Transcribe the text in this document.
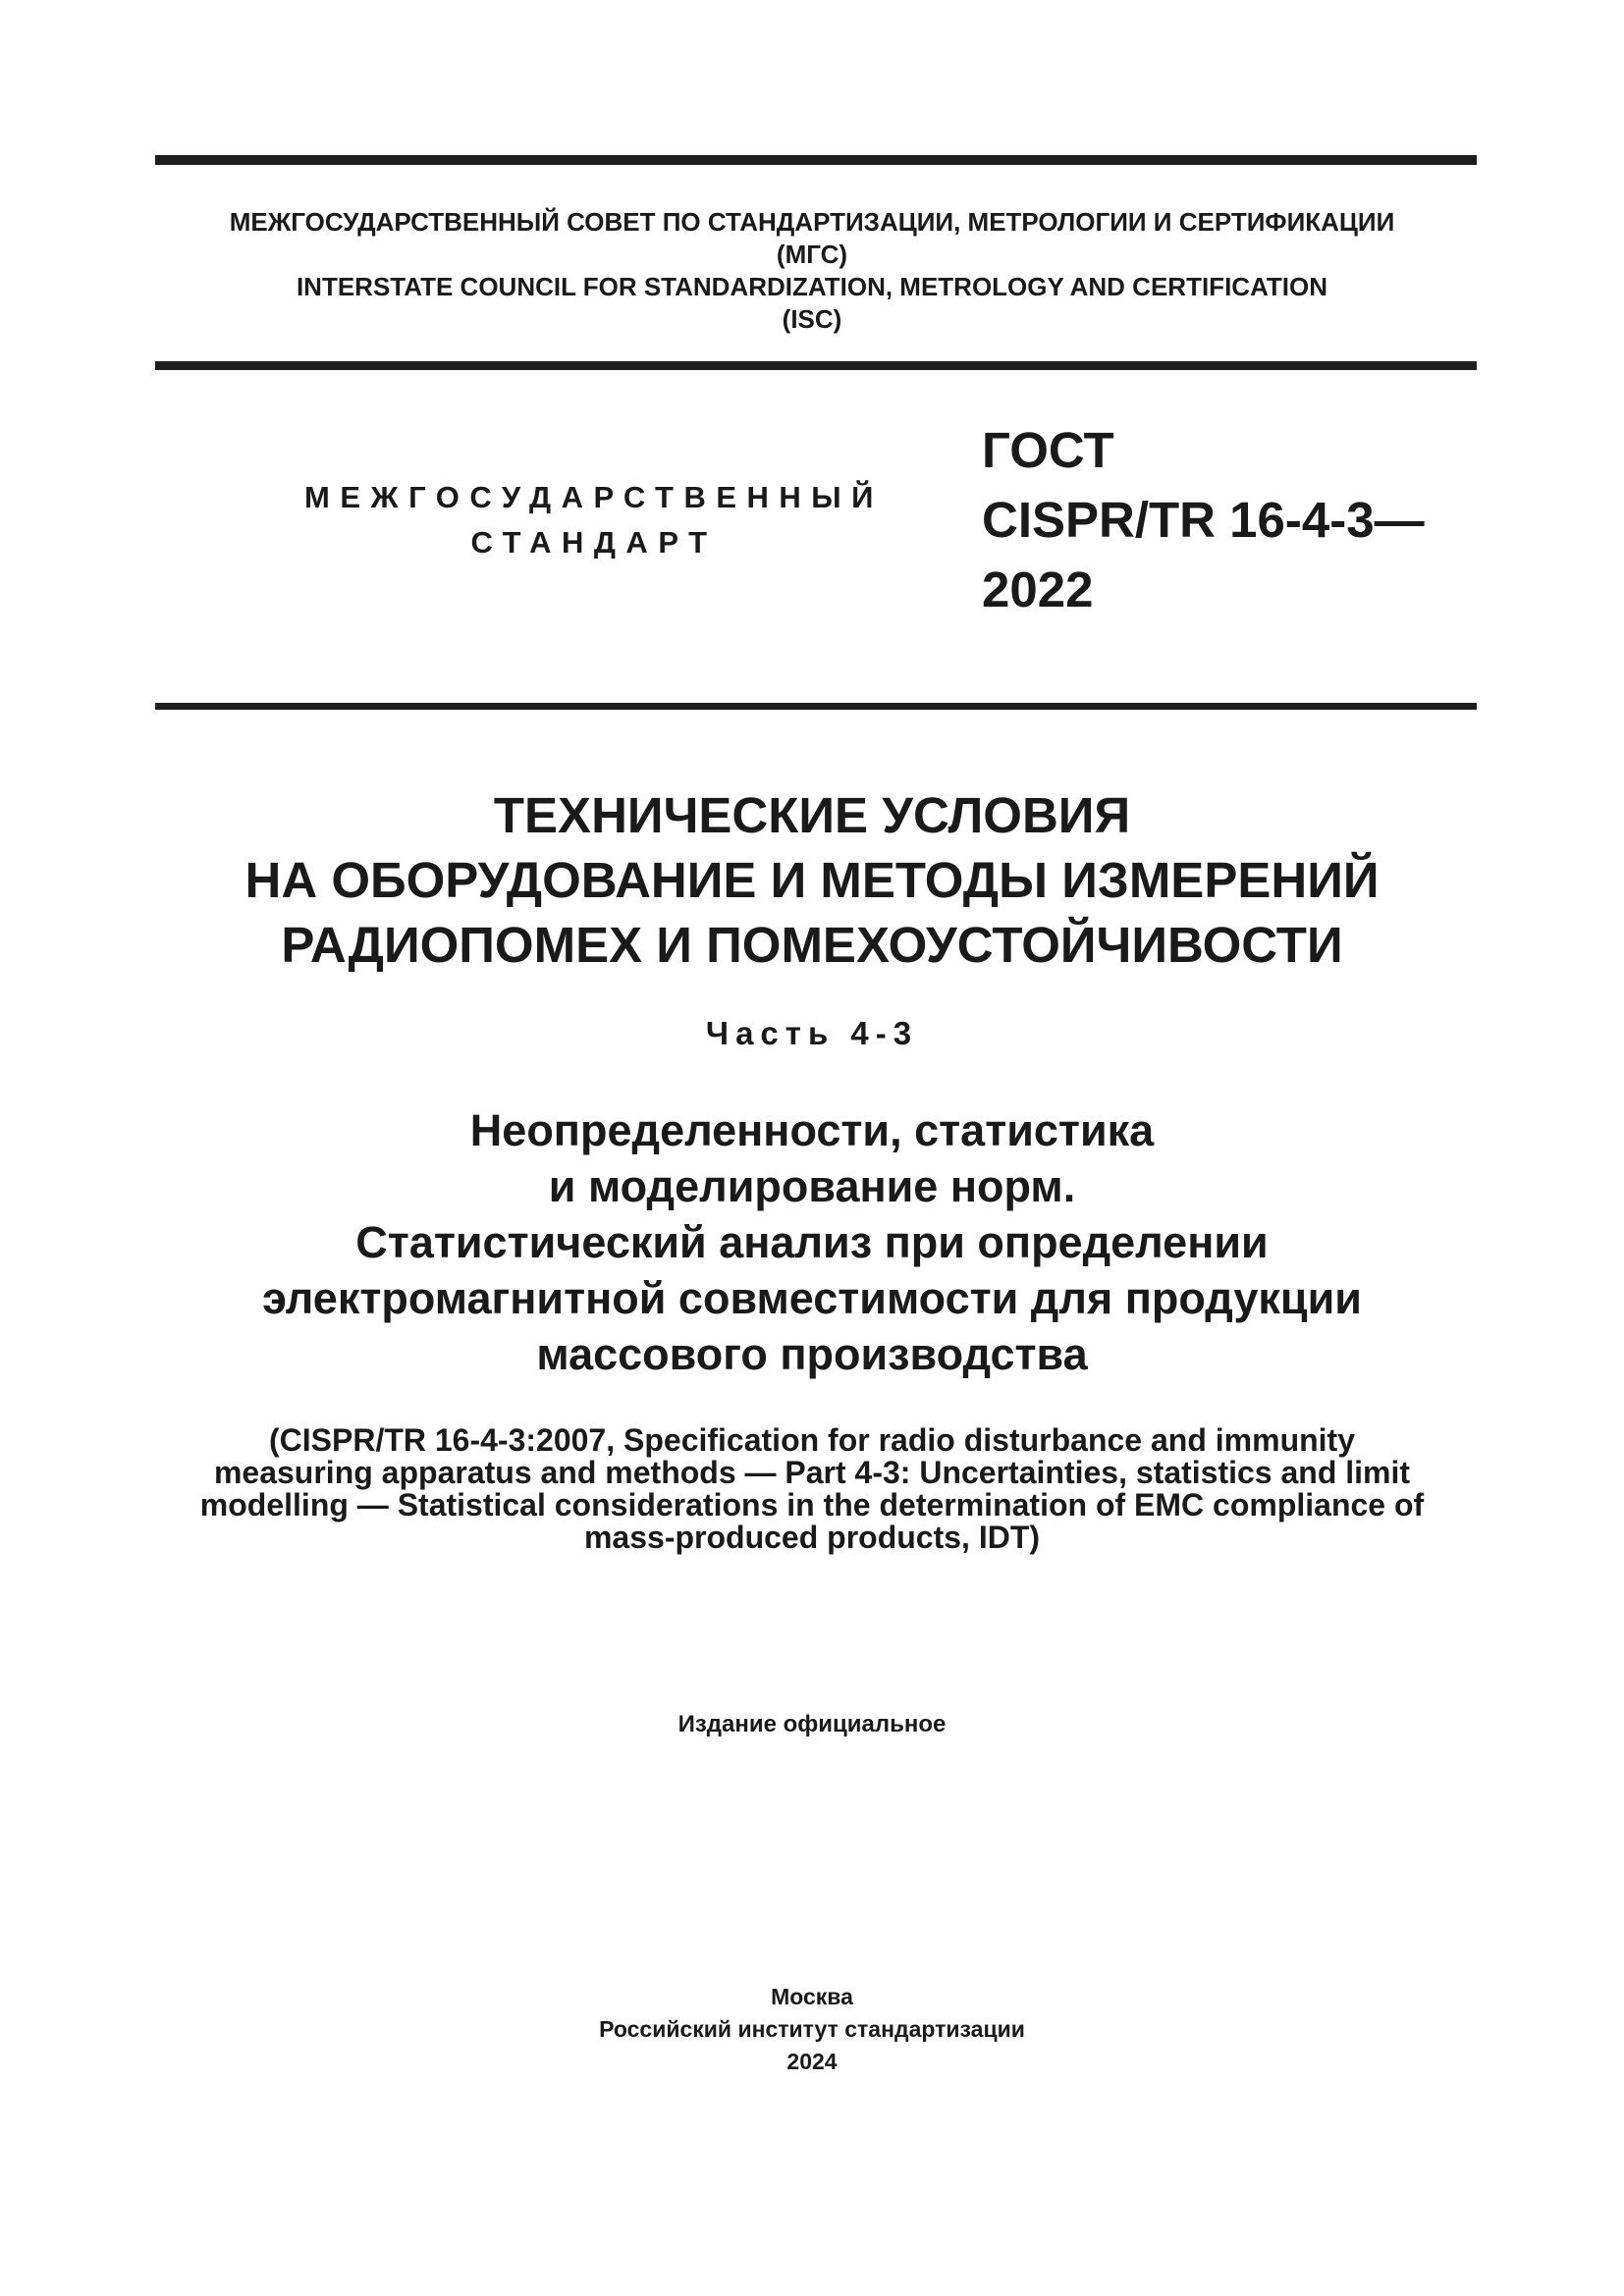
МЕЖГОСУДАРСТВЕННЫЙ СОВЕТ ПО СТАНДАРТИЗАЦИИ, МЕТРОЛОГИИ И СЕРТИФИКАЦИИ
(МГС)
INTERSTATE COUNCIL FOR STANDARDIZATION, METROLOGY AND CERTIFICATION
(ISC)
МЕЖГОСУДАРСТВЕННЫЙ
СТАНДАРТ
ГОСТ
CISPR/TR 16-4-3—
2022
ТЕХНИЧЕСКИЕ УСЛОВИЯ
НА ОБОРУДОВАНИЕ И МЕТОДЫ ИЗМЕРЕНИЙ
РАДИОПОМЕХ И ПОМЕХОУСТОЙЧИВОСТИ
Часть 4-3
Неопределенности, статистика
и моделирование норм.
Статистический анализ при определении
электромагнитной совместимости для продукции
массового производства
(CISPR/TR 16-4-3:2007, Specification for radio disturbance and immunity
measuring apparatus and methods — Part 4-3: Uncertainties, statistics and limit
modelling — Statistical considerations in the determination of EMC compliance of
mass-produced products, IDT)
Издание официальное
Москва
Российский институт стандартизации
2024
